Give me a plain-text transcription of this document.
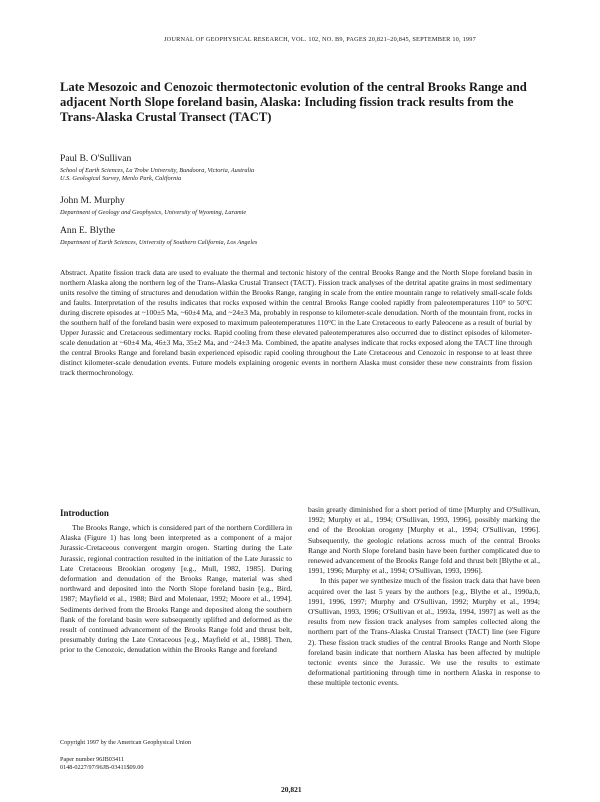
JOURNAL OF GEOPHYSICAL RESEARCH, VOL. 102, NO. B9, PAGES 20,821–20,845, SEPTEMBER 10, 1997
Late Mesozoic and Cenozoic thermotectonic evolution of the central Brooks Range and adjacent North Slope foreland basin, Alaska: Including fission track results from the Trans-Alaska Crustal Transect (TACT)
Paul B. O'Sullivan
School of Earth Sciences, La Trobe University, Bundoora, Victoria, Australia
U.S. Geological Survey, Menlo Park, California
John M. Murphy
Department of Geology and Geophysics, University of Wyoming, Laramie
Ann E. Blythe
Department of Earth Sciences, University of Southern California, Los Angeles
Abstract. Apatite fission track data are used to evaluate the thermal and tectonic history of the central Brooks Range and the North Slope foreland basin in northern Alaska along the northern leg of the Trans-Alaska Crustal Transect (TACT). Fission track analyses of the detrital apatite grains in most sedimentary units resolve the timing of structures and denudation within the Brooks Range, ranging in scale from the entire mountain range to relatively small-scale folds and faults. Interpretation of the results indicates that rocks exposed within the central Brooks Range cooled rapidly from paleotemperatures 110° to 50°C during discrete episodes at ~100±5 Ma, ~60±4 Ma, and ~24±3 Ma, probably in response to kilometer-scale denudation. North of the mountain front, rocks in the southern half of the foreland basin were exposed to maximum paleotemperatures 110°C in the Late Cretaceous to early Paleocene as a result of burial by Upper Jurassic and Cretaceous sedimentary rocks. Rapid cooling from these elevated paleotemperatures also occurred due to distinct episodes of kilometer-scale denudation at ~60±4 Ma, 46±3 Ma, 35±2 Ma, and ~24±3 Ma. Combined, the apatite analyses indicate that rocks exposed along the TACT line through the central Brooks Range and foreland basin experienced episodic rapid cooling throughout the Late Cretaceous and Cenozoic in response to at least three distinct kilometer-scale denudation events. Future models explaining orogenic events in northern Alaska must consider these new constraints from fission track thermochronology.
Introduction

The Brooks Range, which is considered part of the northern Cordillera in Alaska (Figure 1) has long been interpreted as a component of a major Jurassic-Cretaceous convergent margin orogen. Starting during the Late Jurassic, regional contraction resulted in the initiation of the Late Jurassic to Late Cretaceous Brookian orogeny [e.g., Mull, 1982, 1985]. During deformation and denudation of the Brooks Range, material was shed northward and deposited into the North Slope foreland basin [e.g., Bird, 1987; Mayfield et al., 1988; Bird and Molenaar, 1992; Moore et al., 1994]. Sediments derived from the Brooks Range and deposited along the southern flank of the foreland basin were subsequently uplifted and deformed as the result of continued advancement of the Brooks Range fold and thrust belt, presumably during the Late Cretaceous [e.g., Mayfield et al., 1988]. Then, prior to the Cenozoic, denudation within the Brooks Range and foreland

basin greatly diminished for a short period of time [Murphy and O'Sullivan, 1992; Murphy et al., 1994; O'Sullivan, 1993, 1996], possibly marking the end of the Brookian orogeny [Murphy et al., 1994; O'Sullivan, 1996]. Subsequently, the geologic relations across much of the central Brooks Range and North Slope foreland basin have been further complicated due to renewed advancement of the Brooks Range fold and thrust belt [Blythe et al., 1991, 1996; Murphy et al., 1994; O'Sullivan, 1993, 1996].

In this paper we synthesize much of the fission track data that have been acquired over the last 5 years by the authors [e.g., Blythe et al., 1990a,b, 1991, 1996, 1997; Murphy and O'Sullivan, 1992; Murphy et al., 1994; O'Sullivan, 1993, 1996; O'Sullivan et al., 1993a, 1994, 1997] as well as the results from new fission track analyses from samples collected along the northern part of the Trans-Alaska Crustal Transect (TACT) line (see Figure 2). These fission track studies of the central Brooks Range and North Slope foreland basin indicate that northern Alaska has been affected by multiple tectonic events since the Jurassic. We use the results to estimate deformational partitioning through time in northern Alaska in response to these multiple tectonic events.

Copyright 1997 by the American Geophysical Union
Paper number 96JB03411
0148-0227/97/96JB-03411$09.00
20,821
